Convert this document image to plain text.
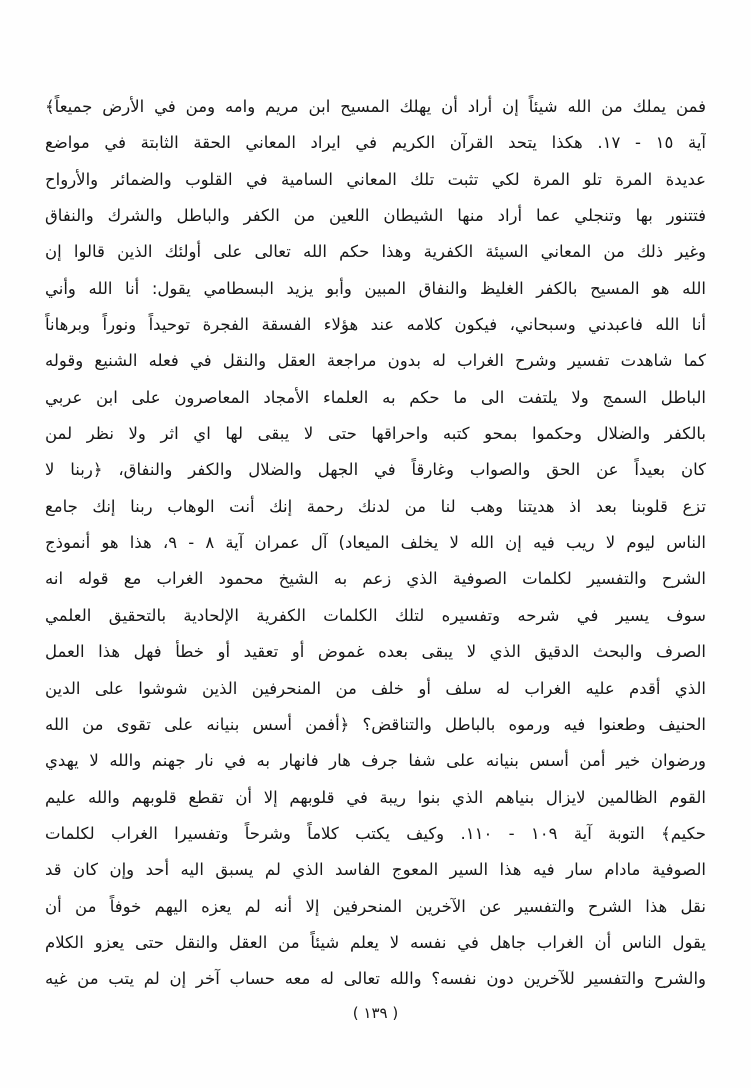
فمن يملك من الله شيئاً إن أراد أن يهلك المسيح ابن مريم وامه ومن في الأرض جميعاً﴾
آية ١٥ - ١٧. هكذا يتحد القرآن الكريم في ايراد المعاني الحقة الثابتة في مواضع
عديدة المرة تلو المرة لكي تثبت تلك المعاني السامية في القلوب والضمائر والأرواح
فتتنور بها وتنجلي عما أراد منها الشيطان اللعين من الكفر والباطل والشرك والنفاق
وغير ذلك من المعاني السيئة الكفرية وهذا حكم الله تعالى على أولئك الذين قالوا إن
الله هو المسيح بالكفر الغليظ والنفاق المبين وأبو يزيد البسطامي يقول: أنا الله وأني
أنا الله فاعبدني وسبحاني، فيكون كلامه عند هؤلاء الفسقة الفجرة توحيداً ونوراً وبرهاناً
كما شاهدت تفسير وشرح الغراب له بدون مراجعة العقل والنقل في فعله الشنيع وقوله
الباطل السمج ولا يلتفت الى ما حكم به العلماء الأمجاد المعاصرون على ابن عربي
بالكفر والضلال وحكموا بمحو كتبه واحراقها حتى لا يبقى لها اي اثر ولا نظر لمن
كان بعيداً عن الحق والصواب وغارقاً في الجهل والضلال والكفر والنفاق، ﴿ربنا لا
تزع قلوبنا بعد اذ هديتنا وهب لنا من لدنك رحمة إنك أنت الوهاب ربنا إنك جامع
الناس ليوم لا ريب فيه إن الله لا يخلف الميعاد) آل عمران آية ٨ - ٩، هذا هو أنموذج
الشرح والتفسير لكلمات الصوفية الذي زعم به الشيخ محمود الغراب مع قوله انه
سوف يسير في شرحه وتفسيره لتلك الكلمات الكفرية الإلحادية بالتحقيق العلمي
الصرف والبحث الدقيق الذي لا يبقى بعده غموض أو تعقيد أو خطأ فهل هذا العمل
الذي أقدم عليه الغراب له سلف أو خلف من المنحرفين الذين شوشوا على الدين
الحنيف وطعنوا فيه ورموه بالباطل والتناقض؟ ﴿أفمن أسس بنيانه على تقوى من الله
ورضوان خير أمن أسس بنيانه على شفا جرف هار فانهار به في نار جهنم والله لا يهدي
القوم الظالمين لايزال بنياهم الذي بنوا ريبة في قلوبهم إلا أن تقطع قلوبهم والله عليم
حكيم﴾ التوبة آية ١٠٩ - ١١٠. وكيف يكتب كلاماً وشرحاً وتفسيرا الغراب لكلمات
الصوفية مادام سار فيه هذا السير المعوج الفاسد الذي لم يسبق اليه أحد وإن كان قد
نقل هذا الشرح والتفسير عن الآخرين المنحرفين إلا أنه لم يعزه اليهم خوفاً من أن
يقول الناس أن الغراب جاهل في نفسه لا يعلم شيئاً من العقل والنقل حتى يعزو الكلام
والشرح والتفسير للآخرين دون نفسه؟ والله تعالى له معه حساب آخر إن لم يتب من غيه
( ١٣٩ )
